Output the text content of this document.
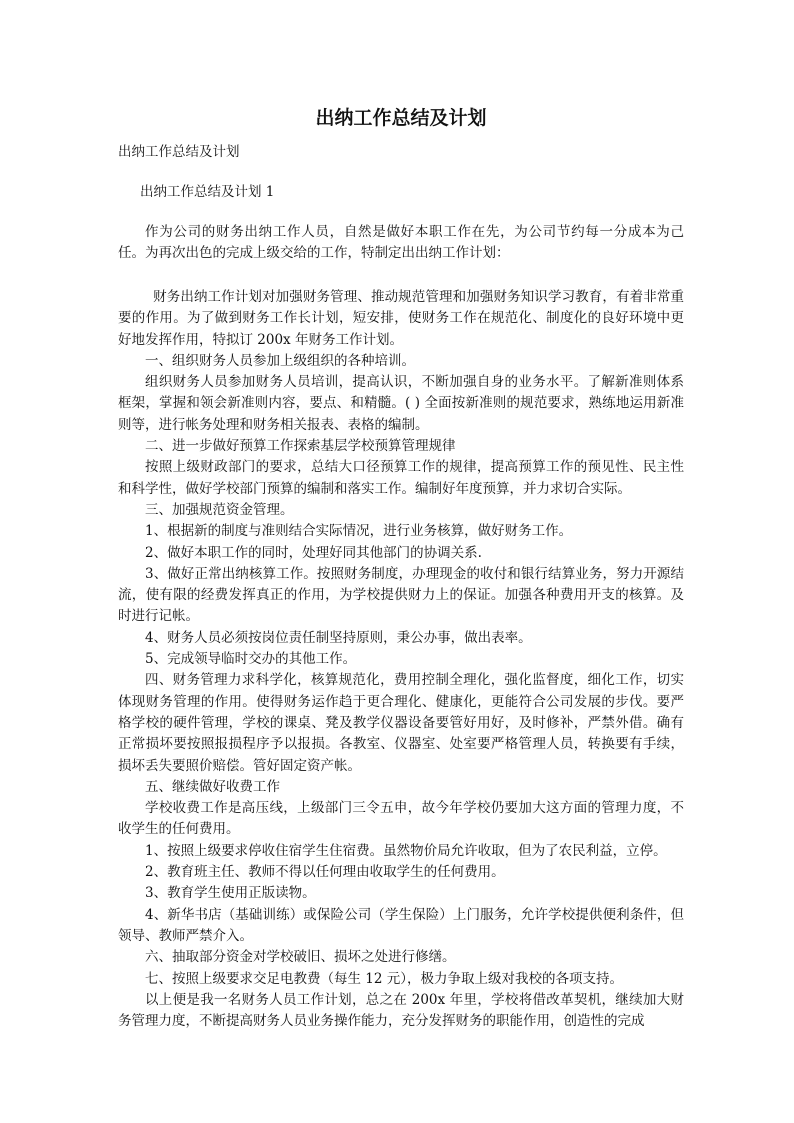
出纳工作总结及计划

出纳工作总结及计划

出纳工作总结及计划 1

作为公司的财务出纳工作人员，自然是做好本职工作在先，为公司节约每一分成本为己任。为再次出色的完成上级交给的工作，特制定出出纳工作计划：

财务出纳工作计划对加强财务管理、推动规范管理和加强财务知识学习教育，有着非常重要的作用。为了做到财务工作长计划，短安排，使财务工作在规范化、制度化的良好环境中更好地发挥作用，特拟订 200x 年财务工作计划。

一、组织财务人员参加上级组织的各种培训。

组织财务人员参加财务人员培训，提高认识，不断加强自身的业务水平。了解新准则体系框架，掌握和领会新准则内容，要点、和精髓。( ) 全面按新准则的规范要求，熟练地运用新准则等，进行帐务处理和财务相关报表、表格的编制。

二、进一步做好预算工作探索基层学校预算管理规律

按照上级财政部门的要求，总结大口径预算工作的规律，提高预算工作的预见性、民主性和科学性，做好学校部门预算的编制和落实工作。编制好年度预算，并力求切合实际。

三、加强规范资金管理。

1、根据新的制度与准则结合实际情况，进行业务核算，做好财务工作。

2、做好本职工作的同时，处理好同其他部门的协调关系.

3、做好正常出纳核算工作。按照财务制度，办理现金的收付和银行结算业务，努力开源结流，使有限的经费发挥真正的作用，为学校提供财力上的保证。加强各种费用开支的核算。及时进行记帐。

4、财务人员必须按岗位责任制坚持原则，秉公办事，做出表率。

5、完成领导临时交办的其他工作。

四、财务管理力求科学化，核算规范化，费用控制全理化，强化监督度，细化工作，切实体现财务管理的作用。使得财务运作趋于更合理化、健康化，更能符合公司发展的步伐。要严格学校的硬件管理，学校的课桌、凳及教学仪器设备要管好用好，及时修补，严禁外借。确有正常损坏要按照报损程序予以报损。各教室、仪器室、处室要严格管理人员，转换要有手续，损坏丢失要照价赔偿。管好固定资产帐。

五、继续做好收费工作

学校收费工作是高压线，上级部门三令五申，故今年学校仍要加大这方面的管理力度，不收学生的任何费用。

1、按照上级要求停收住宿学生住宿费。虽然物价局允许收取，但为了农民利益，立停。

2、教育班主任、教师不得以任何理由收取学生的任何费用。

3、教育学生使用正版读物。

4、新华书店（基础训练）或保险公司（学生保险）上门服务，允许学校提供便利条件，但领导、教师严禁介入。

六、抽取部分资金对学校破旧、损坏之处进行修缮。

七、按照上级要求交足电教费（每生 12 元），极力争取上级对我校的各项支持。

以上便是我一名财务人员工作计划，总之在 200x 年里，学校将借改革契机，继续加大财务管理力度，不断提高财务人员业务操作能力，充分发挥财务的职能作用，创造性的完成
